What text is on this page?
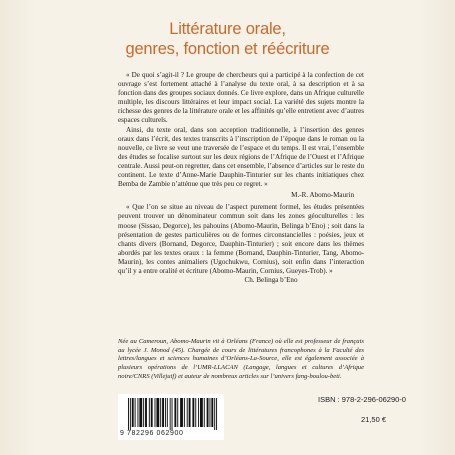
Littérature orale,
genres, fonction et réécriture

« De quoi s’agit-il ? Le groupe de chercheurs qui a participé à la confection de cet ouvrage s’est fortement attaché à l’analyse du texte oral, à sa description et à sa fonction dans des groupes sociaux donnés. Ce livre explore, dans un Afrique culturelle multiple, les discours littéraires et leur impact social. La variété des sujets montre la richesse des genres de la littérature orale et les affinités qu’elle entretient avec d’autres espaces culturels.

Ainsi, du texte oral, dans son acception traditionnelle, à l’insertion des genres oraux dans l’écrit, des textes transcrits à l’inscription de l’époque dans le roman ou la nouvelle, ce livre se veut une traversée de l’espace et du temps. Il est vrai, l’ensemble des études se focalise surtout sur les deux régions de l’Afrique de l’Ouest et l’Afrique centrale. Aussi peut-on regretter, dans cet ensemble, l’absence d’articles sur le reste du continent. Le texte d’Anne-Marie Dauphin-Tinturier sur les chants initiatiques chez Bemba de Zambie n’atténue que très peu ce regret. »

M.-R. Abomo-Maurin

« Que l’on se situe au niveau de l’aspect purement formel, les études présentées peuvent trouver un dénominateur commun soit dans les zones géoculturelles : les moose (Sissao, Degorce), les pahouins (Abomo-Maurin, Belinga b’Eno) ; soit dans la présentation de gestes particulières ou de formes circonstancielles : poésies, jeux et chants divers (Bornand, Degorce, Dauphin-Tinturier) ; soit encore dans les thèmes abordés par les textes oraux : la femme (Bornand, Dauphin-Tinturier, Tang, Abomo-Maurin), les contes animaliers (Ugochukwu, Cornius), soit enfin dans l’interaction qu’il y a entre oralité et écriture (Abomo-Maurin, Cornius, Gueyes-Trob). »

Ch. Belinga b’Eno
Née au Cameroun, Abomo-Maurin vit à Orléans (France) où elle est professeur de français au lycée J. Monod (45). Chargée de cours de littératures francophones à la Faculté des lettres/langues et sciences humaines d’Orléans-La-Source, elle est également associée à plusieurs opérations de l’UMR-LLACAN (Langage, langues et cultures d’Afrique noire/CNRS (Villejuif) et auteur de nombreux articles sur l’univers fang-boulou-beti.
9 782296 062900
ISBN : 978-2-296-06290-0
21,50 €
